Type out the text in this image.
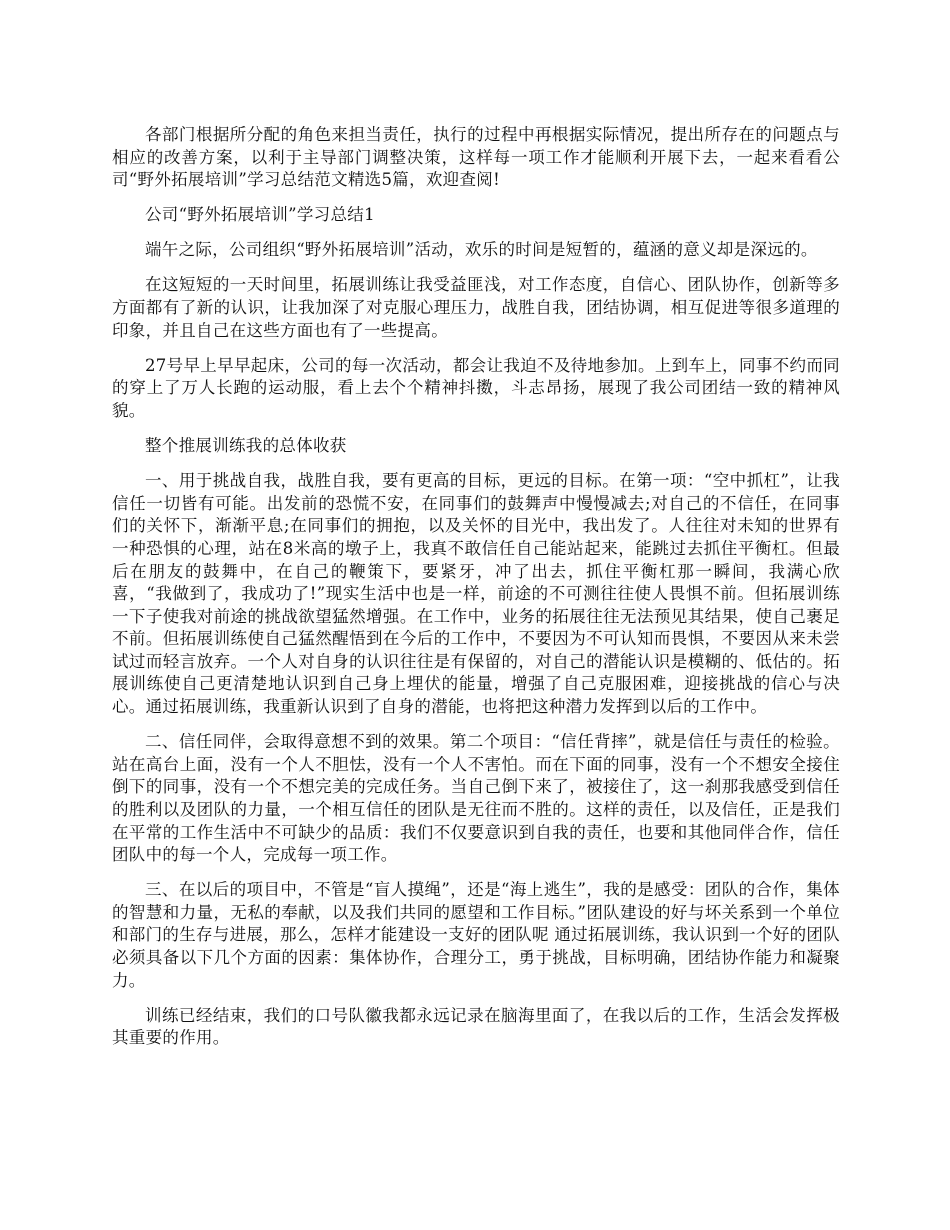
各部门根据所分配的角色来担当责任，执行的过程中再根据实际情况，提出所存在的问题点与相应的改善方案，以利于主导部门调整决策，这样每一项工作才能顺利开展下去，一起来看看公司“野外拓展培训”学习总结范文精选5篇，欢迎查阅!

公司“野外拓展培训”学习总结1

端午之际，公司组织“野外拓展培训”活动，欢乐的时间是短暂的，蕴涵的意义却是深远的。

在这短短的一天时间里，拓展训练让我受益匪浅，对工作态度，自信心、团队协作，创新等多方面都有了新的认识，让我加深了对克服心理压力，战胜自我，团结协调，相互促进等很多道理的印象，并且自己在这些方面也有了一些提高。

27号早上早早起床，公司的每一次活动，都会让我迫不及待地参加。上到车上，同事不约而同的穿上了万人长跑的运动服，看上去个个精神抖擞，斗志昂扬，展现了我公司团结一致的精神风貌。

整个推展训练我的总体收获

一、用于挑战自我，战胜自我，要有更高的目标，更远的目标。在第一项：“空中抓杠”，让我信任一切皆有可能。出发前的恐慌不安，在同事们的鼓舞声中慢慢减去;对自己的不信任，在同事们的关怀下，渐渐平息;在同事们的拥抱，以及关怀的目光中，我出发了。人往往对未知的世界有一种恐惧的心理，站在8米高的墩子上，我真不敢信任自己能站起来，能跳过去抓住平衡杠。但最后在朋友的鼓舞中，在自己的鞭策下，要紧牙，冲了出去，抓住平衡杠那一瞬间，我满心欣喜，“我做到了，我成功了!”现实生活中也是一样，前途的不可测往往使人畏惧不前。但拓展训练一下子使我对前途的挑战欲望猛然增强。在工作中，业务的拓展往往无法预见其结果，使自己裹足不前。但拓展训练使自己猛然醒悟到在今后的工作中，不要因为不可认知而畏惧，不要因从来未尝试过而轻言放弃。一个人对自身的认识往往是有保留的，对自己的潜能认识是模糊的、低估的。拓展训练使自己更清楚地认识到自己身上埋伏的能量，增强了自己克服困难，迎接挑战的信心与决心。通过拓展训练，我重新认识到了自身的潜能，也将把这种潜力发挥到以后的工作中。

二、信任同伴，会取得意想不到的效果。第二个项目：“信任背摔”，就是信任与责任的检验。站在高台上面，没有一个人不胆怯，没有一个人不害怕。而在下面的同事，没有一个不想安全接住倒下的同事，没有一个不想完美的完成任务。当自己倒下来了，被接住了，这一刹那我感受到信任的胜利以及团队的力量，一个相互信任的团队是无往而不胜的。这样的责任，以及信任，正是我们在平常的工作生活中不可缺少的品质：我们不仅要意识到自我的责任，也要和其他同伴合作，信任团队中的每一个人，完成每一项工作。

三、在以后的项目中，不管是“盲人摸绳”，还是“海上逃生”，我的是感受：团队的合作，集体的智慧和力量，无私的奉献，以及我们共同的愿望和工作目标。”团队建设的好与坏关系到一个单位和部门的生存与进展，那么，怎样才能建设一支好的团队呢 通过拓展训练，我认识到一个好的团队必须具备以下几个方面的因素：集体协作，合理分工，勇于挑战，目标明确，团结协作能力和凝聚力。

训练已经结束，我们的口号队徽我都永远记录在脑海里面了，在我以后的工作，生活会发挥极其重要的作用。
